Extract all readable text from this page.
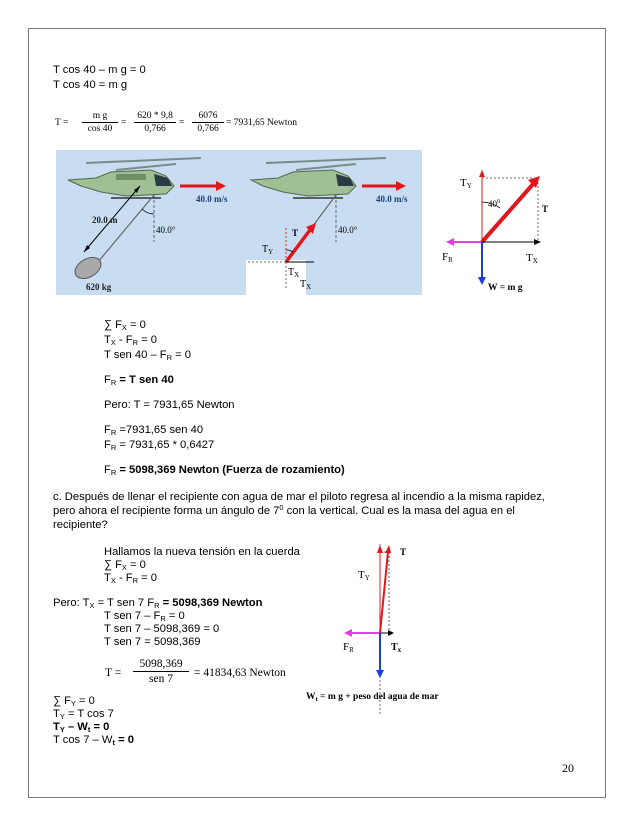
T cos 40 – m g = 0
T cos 40 = m g
$T = \frac{\text{m g}}{\cos 40} = \frac{620 * 9,8}{0,766} = \frac{6076}{0,766} = 7931,65$ Newton
40.0 m/s
40.0°
20.0 m
620 kg
40.0 m/s
40.0°
$T_Y$
T
$T_X$
$T_X$
TY
$40^0$
T
FR	TX
W = m g
∑ $F_X = 0$
$T_X - F_R = 0$
T sen $40 - F_R = 0$
$F_R = T$ sen 40
Pero: T = 7931,65 Newton
$F_R =7931,65$ sen 40
$F_R = 7931,65 * 0,6427$
$F_R = 5098,369$ Newton (Fuerza de rozamiento)
c. Después de llenar el recipiente con agua de mar el piloto regresa al incendio a la misma rapidez,
pero ahora el recipiente forma un ángulo de $7^0$ con la vertical. Cual es la masa del agua en el
recipiente?
Hallamos la nueva tensión en la cuerda
∑ $F_X = 0$
$T_X - F_R = 0$
Pero: $T_X = T$ sen 7 $F_R = 5098,369$ Newton
T sen $7 - F_R = 0$
T sen 7 – 5098,369 = 0
T sen 7 = 5098,369
T =
5098,369
sen 7	= 41834,63 Newton
∑ $F_Y = 0$
$T_Y = T$ cos 7
$T_Y - W_t = 0$
T $\cos 7 - W_t = 0$
TY
T
FR	$T_x$
$W_t = m$ g + peso del agua de mar
20
